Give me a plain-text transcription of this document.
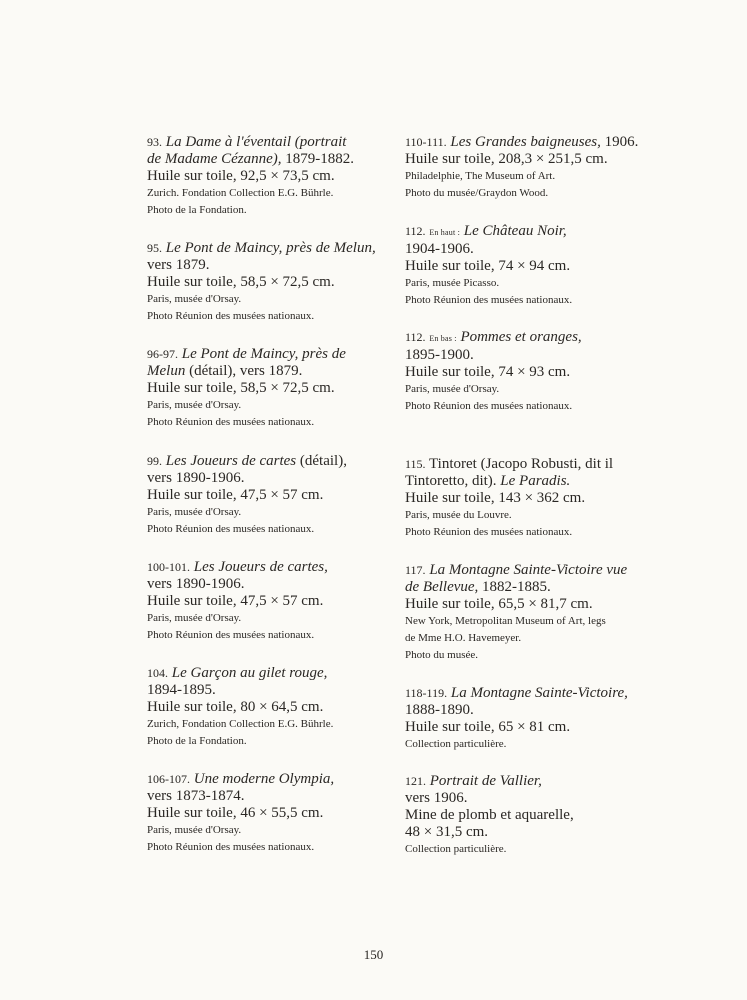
93. La Dame à l'éventail (portrait
de Madame Cézanne), 1879-1882.
Huile sur toile, 92,5 × 73,5 cm.
Zurich. Fondation Collection E.G. Bührle.
Photo de la Fondation.
95. Le Pont de Maincy, près de Melun,
vers 1879.
Huile sur toile, 58,5 × 72,5 cm.
Paris, musée d'Orsay.
Photo Réunion des musées nationaux.
96-97. Le Pont de Maincy, près de
Melun (détail), vers 1879.
Huile sur toile, 58,5 × 72,5 cm.
Paris, musée d'Orsay.
Photo Réunion des musées nationaux.
99. Les Joueurs de cartes (détail),
vers 1890-1906.
Huile sur toile, 47,5 × 57 cm.
Paris, musée d'Orsay.
Photo Réunion des musées nationaux.
100-101. Les Joueurs de cartes,
vers 1890-1906.
Huile sur toile, 47,5 × 57 cm.
Paris, musée d'Orsay.
Photo Réunion des musées nationaux.
104. Le Garçon au gilet rouge,
1894-1895.
Huile sur toile, 80 × 64,5 cm.
Zurich, Fondation Collection E.G. Bührle.
Photo de la Fondation.
106-107. Une moderne Olympia,
vers 1873-1874.
Huile sur toile, 46 × 55,5 cm.
Paris, musée d'Orsay.
Photo Réunion des musées nationaux.
110-111. Les Grandes baigneuses, 1906.
Huile sur toile, 208,3 × 251,5 cm.
Philadelphie, The Museum of Art.
Photo du musée/Graydon Wood.
112. En haut : Le Château Noir,
1904-1906.
Huile sur toile, 74 × 94 cm.
Paris, musée Picasso.
Photo Réunion des musées nationaux.
112. En bas : Pommes et oranges,
1895-1900.
Huile sur toile, 74 × 93 cm.
Paris, musée d'Orsay.
Photo Réunion des musées nationaux.
115. Tintoret (Jacopo Robusti, dit il
Tintoretto, dit). Le Paradis.
Huile sur toile, 143 × 362 cm.
Paris, musée du Louvre.
Photo Réunion des musées nationaux.
117. La Montagne Sainte-Victoire vue
de Bellevue, 1882-1885.
Huile sur toile, 65,5 × 81,7 cm.
New York, Metropolitan Museum of Art, legs
de Mme H.O. Havemeyer.
Photo du musée.
118-119. La Montagne Sainte-Victoire,
1888-1890.
Huile sur toile, 65 × 81 cm.
Collection particulière.
121. Portrait de Vallier,
vers 1906.
Mine de plomb et aquarelle,
48 × 31,5 cm.
Collection particulière.
150
